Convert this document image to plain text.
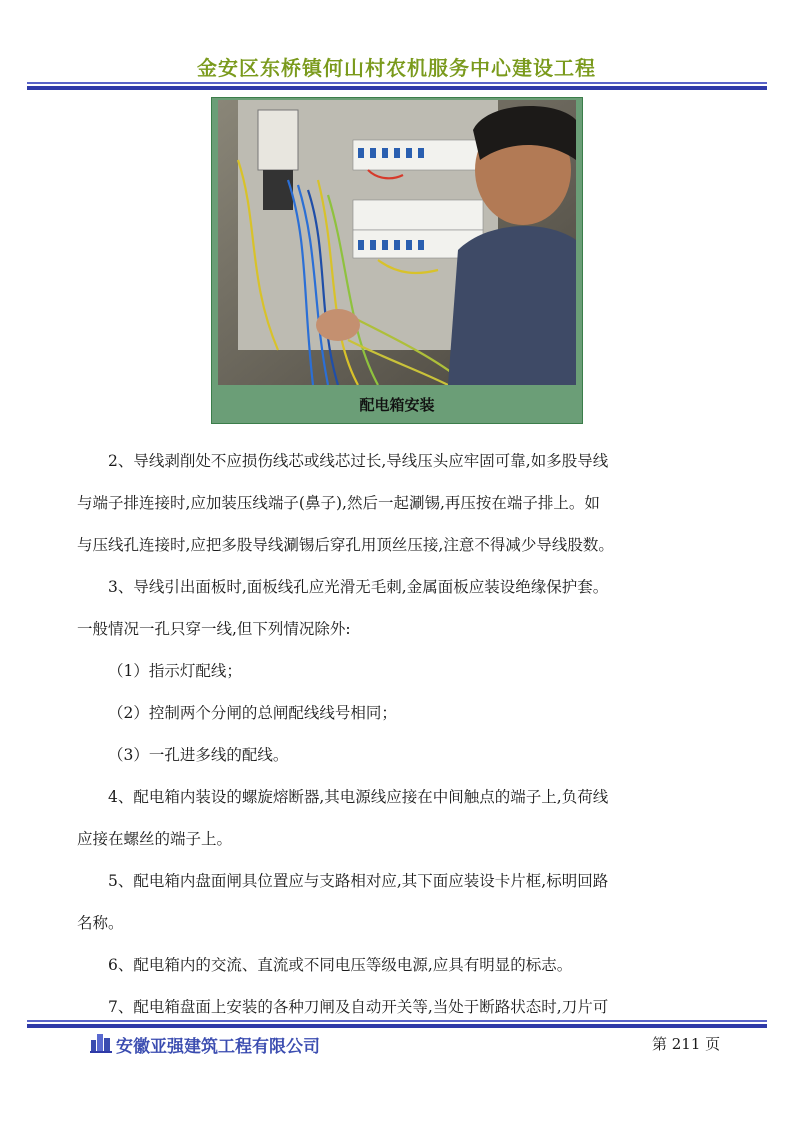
金安区东桥镇何山村农机服务中心建设工程
配电箱安装

2、导线剥削处不应损伤线芯或线芯过长,导线压头应牢固可靠,如多股导线

与端子排连接时,应加装压线端子(鼻子),然后一起涮锡,再压按在端子排上。如

与压线孔连接时,应把多股导线涮锡后穿孔用顶丝压接,注意不得减少导线股数。

3、导线引出面板时,面板线孔应光滑无毛刺,金属面板应装设绝缘保护套。

一般情况一孔只穿一线,但下列情况除外:

（1）指示灯配线；

（2）控制两个分闸的总闸配线线号相同；

（3）一孔进多线的配线。

4、配电箱内装设的螺旋熔断器,其电源线应接在中间触点的端子上,负荷线

应接在螺丝的端子上。

5、配电箱内盘面闸具位置应与支路相对应,其下面应装设卡片框,标明回路

名称。

6、配电箱内的交流、直流或不同电压等级电源,应具有明显的标志。

7、配电箱盘面上安装的各种刀闸及自动开关等,当处于断路状态时,刀片可

安徽亚强建筑工程有限公司	第 211 页
